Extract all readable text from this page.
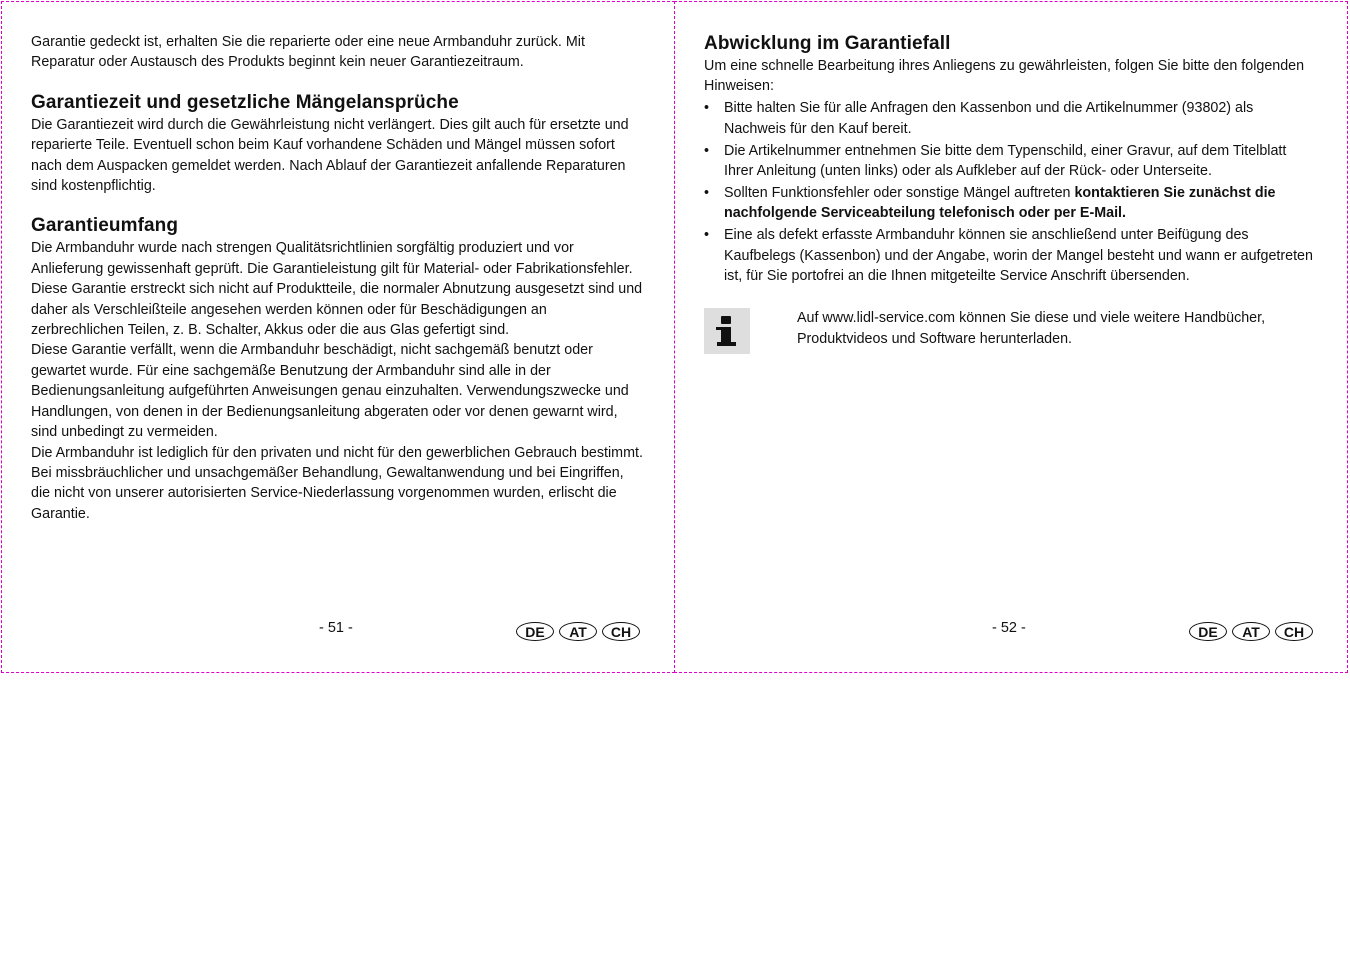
Garantie gedeckt ist, erhalten Sie die reparierte oder eine neue Armbanduhr zurück. Mit Reparatur oder Austausch des Produkts beginnt kein neuer Garantiezeitraum.

Garantiezeit und gesetzliche Mängelansprüche

Die Garantiezeit wird durch die Gewährleistung nicht verlängert. Dies gilt auch für ersetzte und reparierte Teile. Eventuell schon beim Kauf vorhandene Schäden und Mängel müssen sofort nach dem Auspacken gemeldet werden. Nach Ablauf der Garantiezeit anfallende Reparaturen sind kostenpflichtig.

Garantieumfang

Die Armbanduhr wurde nach strengen Qualitätsrichtlinien sorgfältig produziert und vor Anlieferung gewissenhaft geprüft. Die Garantieleistung gilt für Material- oder Fabrikationsfehler. Diese Garantie erstreckt sich nicht auf Produktteile, die normaler Abnutzung ausgesetzt sind und daher als Verschleißteile angesehen werden können oder für Beschädigungen an zerbrechlichen Teilen, z. B. Schalter, Akkus oder die aus Glas gefertigt sind.

Diese Garantie verfällt, wenn die Armbanduhr beschädigt, nicht sachgemäß benutzt oder gewartet wurde. Für eine sachgemäße Benutzung der Armbanduhr sind alle in der Bedienungsanleitung aufgeführten Anweisungen genau einzuhalten. Verwendungszwecke und Handlungen, von denen in der Bedienungsanleitung abgeraten oder vor denen gewarnt wird, sind unbedingt zu vermeiden.

Die Armbanduhr ist lediglich für den privaten und nicht für den gewerblichen Gebrauch bestimmt. Bei missbräuchlicher und unsachgemäßer Behandlung, Gewaltanwendung und bei Eingriffen, die nicht von unserer autorisierten Service-Niederlassung vorgenommen wurden, erlischt die Garantie.

- 51 -	DE	AT	CH
Abwicklung im Garantiefall

Um eine schnelle Bearbeitung ihres Anliegens zu gewährleisten, folgen Sie bitte den folgenden Hinweisen:

• Bitte halten Sie für alle Anfragen den Kassenbon und die Artikelnummer (93802) als Nachweis für den Kauf bereit.
• Die Artikelnummer entnehmen Sie bitte dem Typenschild, einer Gravur, auf dem Titelblatt Ihrer Anleitung (unten links) oder als Aufkleber auf der Rück- oder Unterseite.
• Sollten Funktionsfehler oder sonstige Mängel auftreten kontaktieren Sie zunächst die nachfolgende Serviceabteilung telefonisch oder per E-Mail.
• Eine als defekt erfasste Armbanduhr können sie anschließend unter Beifügung des Kaufbelegs (Kassenbon) und der Angabe, worin der Mangel besteht und wann er aufgetreten ist, für Sie portofrei an die Ihnen mitgeteilte Service Anschrift übersenden.

Auf www.lidl-service.com können Sie diese und viele weitere Handbücher, Produktvideos und Software herunterladen.

- 52 -	DE	AT	CH
